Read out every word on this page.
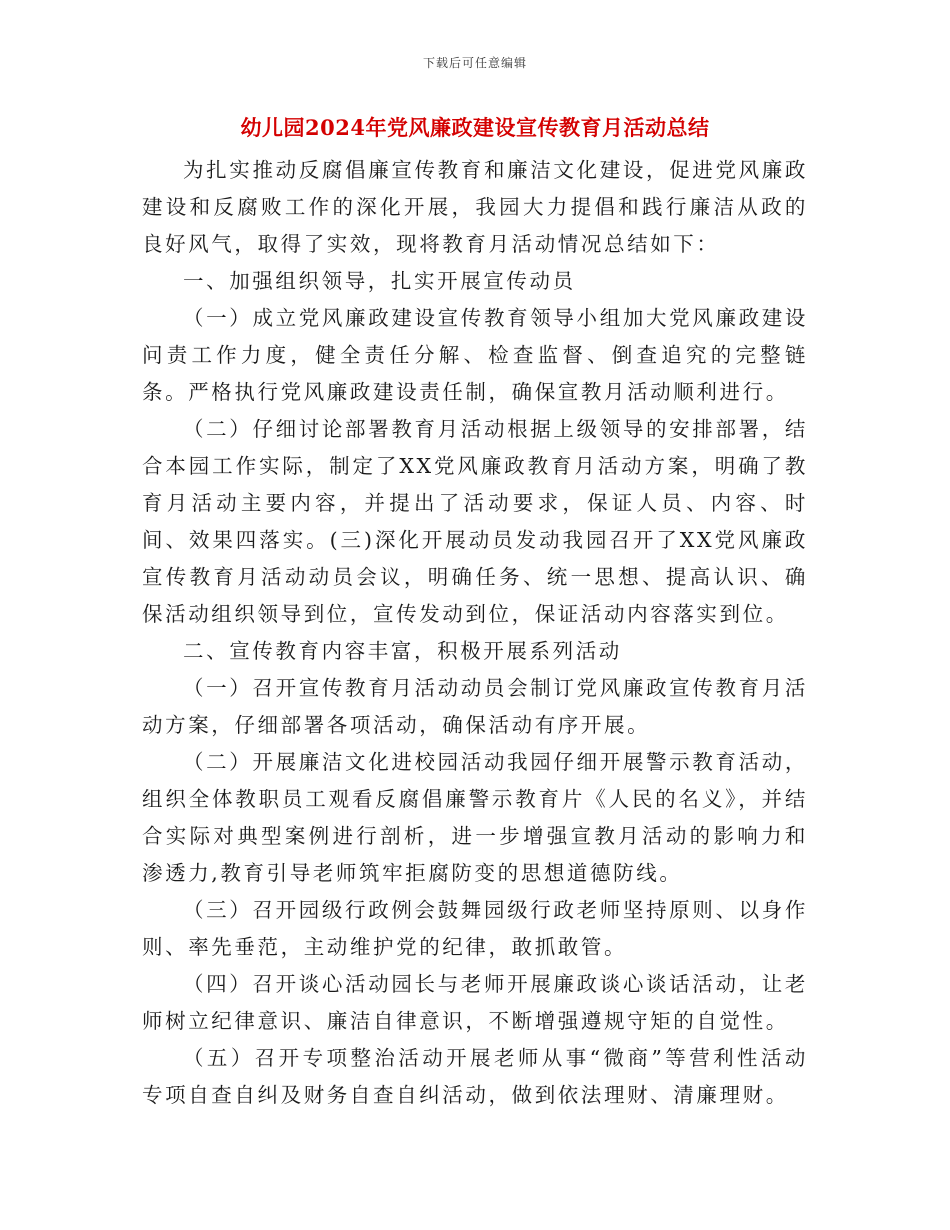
下载后可任意编辑
幼儿园2024年党风廉政建设宣传教育月活动总结

为扎实推动反腐倡廉宣传教育和廉洁文化建设，促进党风廉政建设和反腐败工作的深化开展，我园大力提倡和践行廉洁从政的良好风气，取得了实效，现将教育月活动情况总结如下：

一、加强组织领导，扎实开展宣传动员

（一）成立党风廉政建设宣传教育领导小组加大党风廉政建设问责工作力度，健全责任分解、检查监督、倒查追究的完整链条。严格执行党风廉政建设责任制，确保宣教月活动顺利进行。

（二）仔细讨论部署教育月活动根据上级领导的安排部署，结合本园工作实际，制定了XX党风廉政教育月活动方案，明确了教育月活动主要内容，并提出了活动要求，保证人员、内容、时间、效果四落实。(三)深化开展动员发动我园召开了XX党风廉政宣传教育月活动动员会议，明确任务、统一思想、提高认识、确保活动组织领导到位，宣传发动到位，保证活动内容落实到位。

二、宣传教育内容丰富，积极开展系列活动

（一）召开宣传教育月活动动员会制订党风廉政宣传教育月活动方案，仔细部署各项活动，确保活动有序开展。

（二）开展廉洁文化进校园活动我园仔细开展警示教育活动，组织全体教职员工观看反腐倡廉警示教育片《人民的名义》，并结合实际对典型案例进行剖析，进一步增强宣教月活动的影响力和渗透力,教育引导老师筑牢拒腐防变的思想道德防线。

（三）召开园级行政例会鼓舞园级行政老师坚持原则、以身作则、率先垂范，主动维护党的纪律，敢抓敢管。

（四）召开谈心活动园长与老师开展廉政谈心谈话活动，让老师树立纪律意识、廉洁自律意识，不断增强遵规守矩的自觉性。

（五）召开专项整治活动开展老师从事“微商”等营利性活动专项自查自纠及财务自查自纠活动，做到依法理财、清廉理财。
